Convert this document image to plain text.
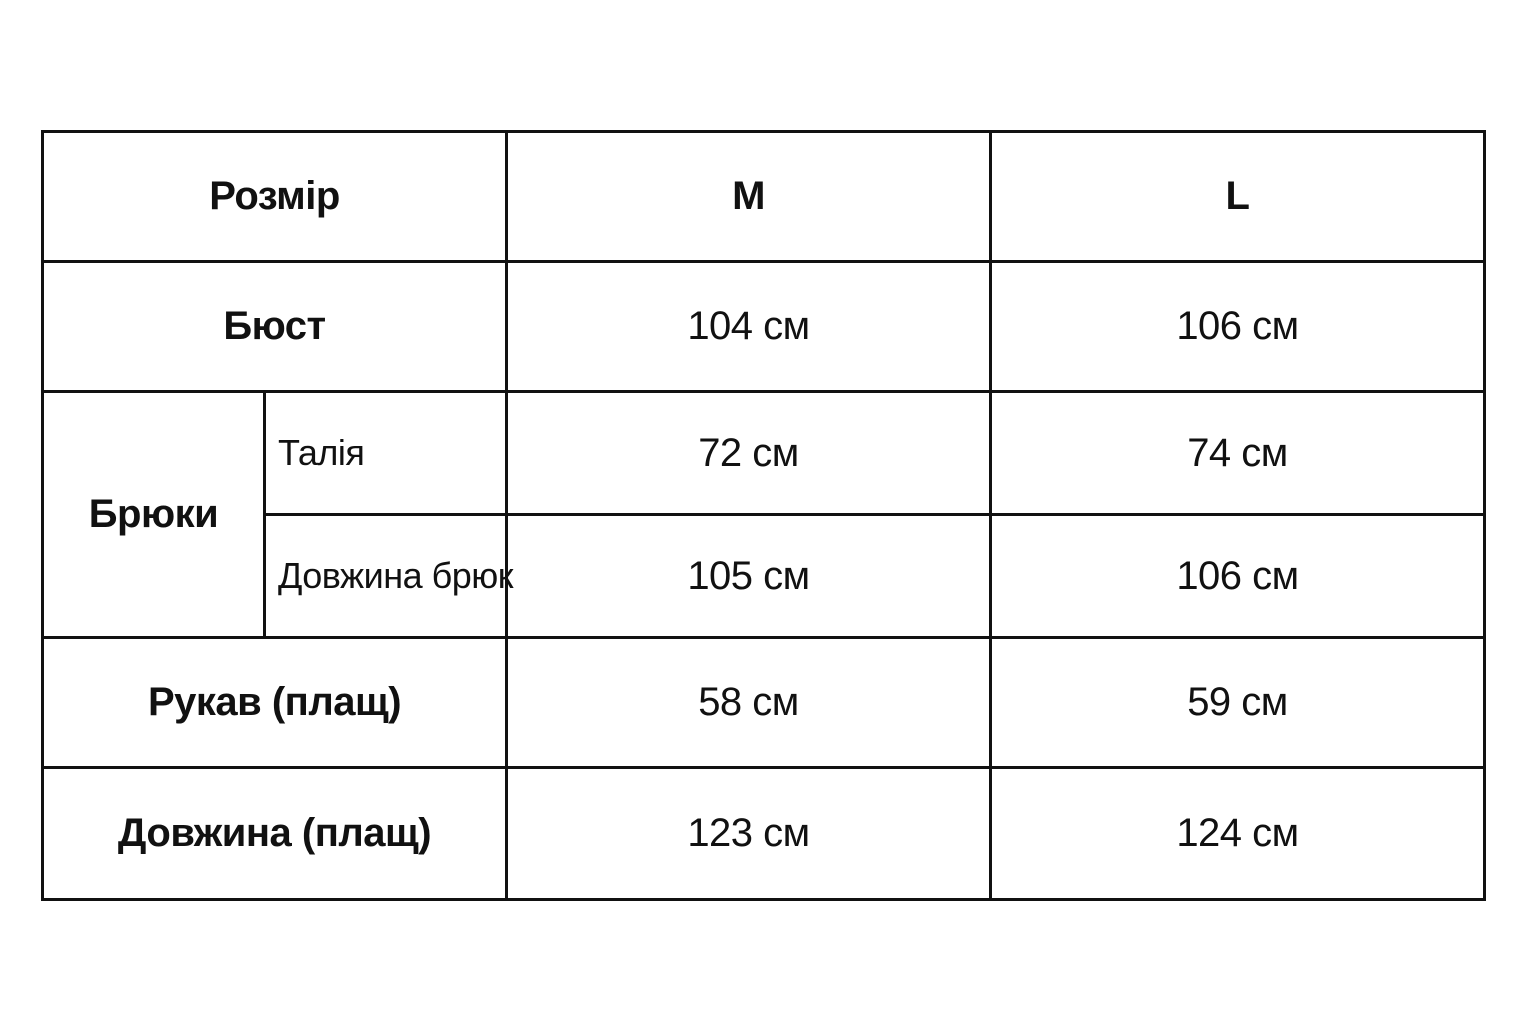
Розмір		M	L
Бюст		104 см	106 см
Брюки	Талія	72 см	74 см
	Довжина брюк	105 см	106 см
Рукав (плащ)		58 см	59 см
Довжина (плащ)		123 см	124 см
